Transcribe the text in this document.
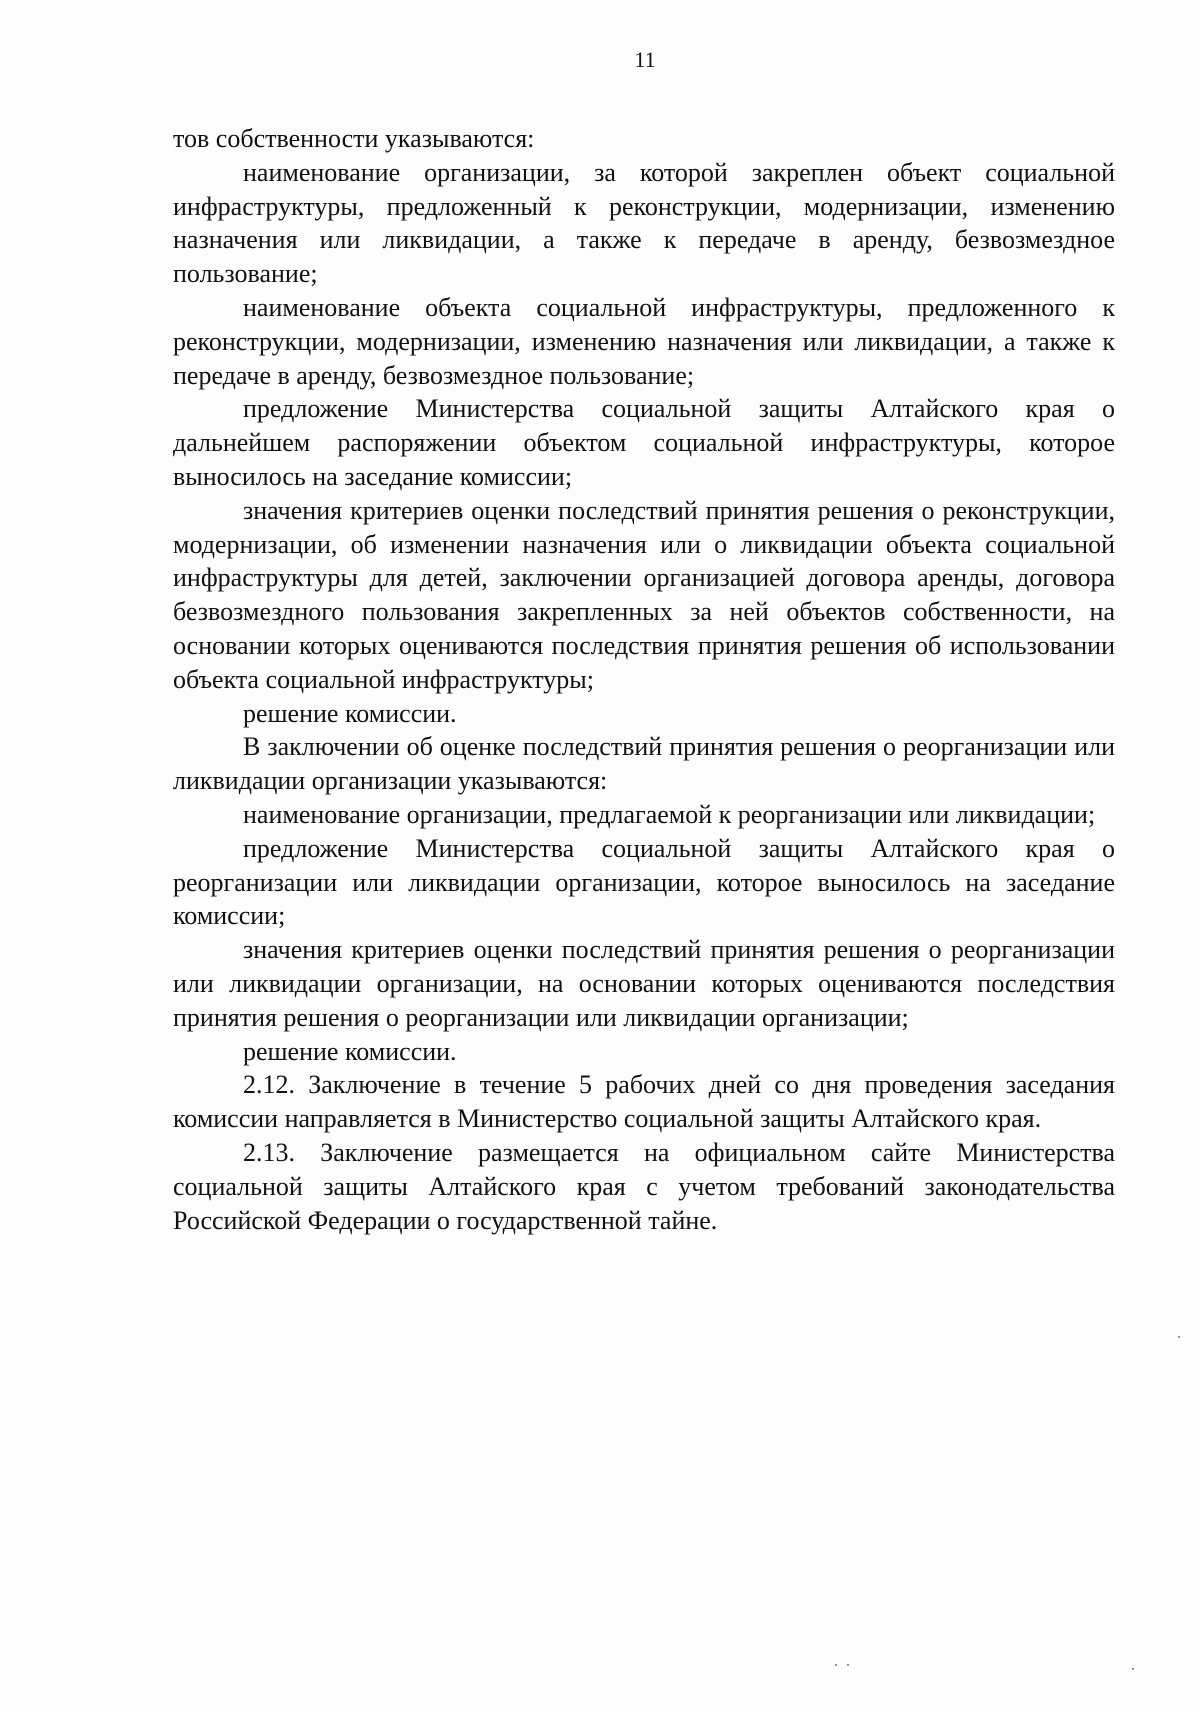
11

тов собственности указываются:

наименование организации, за которой закреплен объект социальной инфраструктуры, предложенный к реконструкции, модернизации, изменению назначения или ликвидации, а также к передаче в аренду, безвозмездное пользование;

наименование объекта социальной инфраструктуры, предложенного к реконструкции, модернизации, изменению назначения или ликвидации, а также к передаче в аренду, безвозмездное пользование;

предложение Министерства социальной защиты Алтайского края о дальнейшем распоряжении объектом социальной инфраструктуры, которое выносилось на заседание комиссии;

значения критериев оценки последствий принятия решения о реконструкции, модернизации, об изменении назначения или о ликвидации объекта социальной инфраструктуры для детей, заключении организацией договора аренды, договора безвозмездного пользования закрепленных за ней объектов собственности, на основании которых оцениваются последствия принятия решения об использовании объекта социальной инфраструктуры;

решение комиссии.

В заключении об оценке последствий принятия решения о реорганизации или ликвидации организации указываются:

наименование организации, предлагаемой к реорганизации или ликвидации;

предложение Министерства социальной защиты Алтайского края о реорганизации или ликвидации организации, которое выносилось на заседание комиссии;

значения критериев оценки последствий принятия решения о реорганизации или ликвидации организации, на основании которых оцениваются последствия принятия решения о реорганизации или ликвидации организации;

решение комиссии.

2.12. Заключение в течение 5 рабочих дней со дня проведения заседания комиссии направляется в Министерство социальной защиты Алтайского края.

2.13. Заключение размещается на официальном сайте Министерства социальной защиты Алтайского края с учетом требований законодательства Российской Федерации о государственной тайне.
